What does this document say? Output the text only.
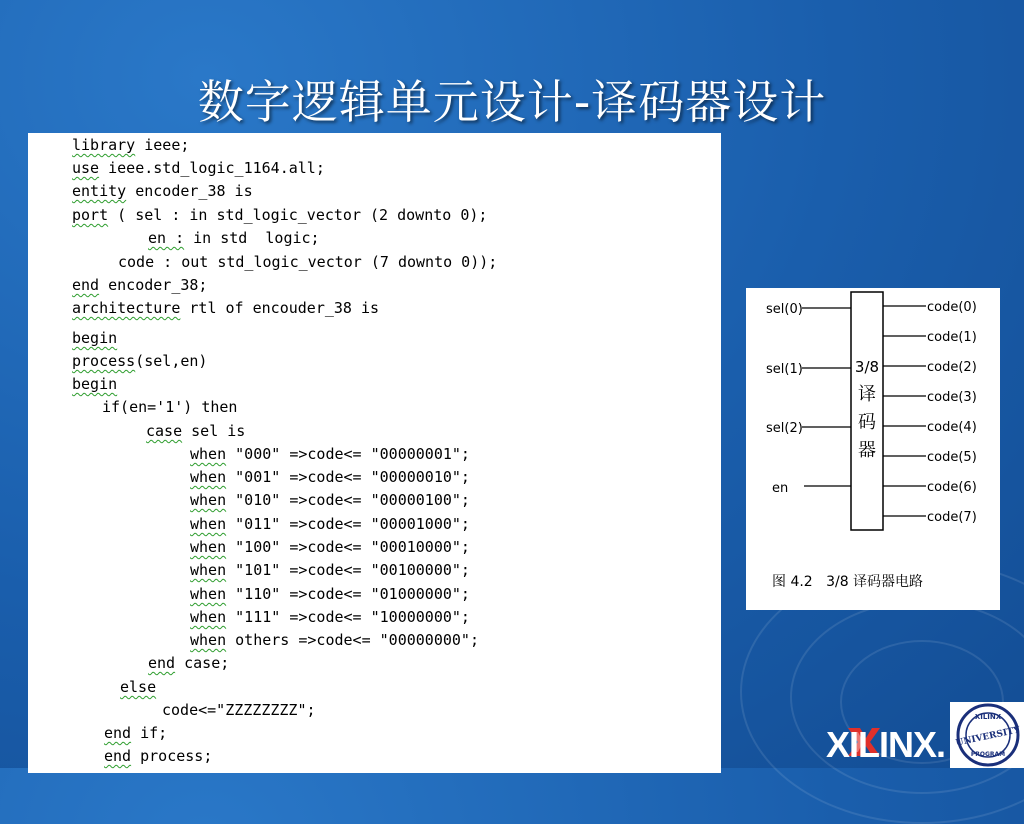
数字逻辑单元设计-译码器设计
library ieee;
use ieee.std_logic_1164.all;
entity encoder_38 is
port ( sel : in std_logic_vector (2 downto 0);
en : in std  logic;
code : out std_logic_vector (7 downto 0));
end encoder_38;
architecture rtl of encouder_38 is
begin
process(sel,en)
begin
if(en='1') then
case sel is
when "000" =>code<= "00000001";
when "001" =>code<= "00000010";
when "010" =>code<= "00000100";
when "011" =>code<= "00001000";
when "100" =>code<= "00010000";
when "101" =>code<= "00100000";
when "110" =>code<= "01000000";
when "111" =>code<= "10000000";
when others =>code<= "00000000";
end case;
else
code<="ZZZZZZZZ";
end if;
end process;
sel(0)
sel(1)
sel(2)
en
code(0)
code(1)
code(2)
code(3)
code(4)
code(5)
code(6)
code(7)
3/8
译
码
器
图 4.2   3/8 译码器电路
XILINX.
XILINX
UNIVERSITY
PROGRAM
